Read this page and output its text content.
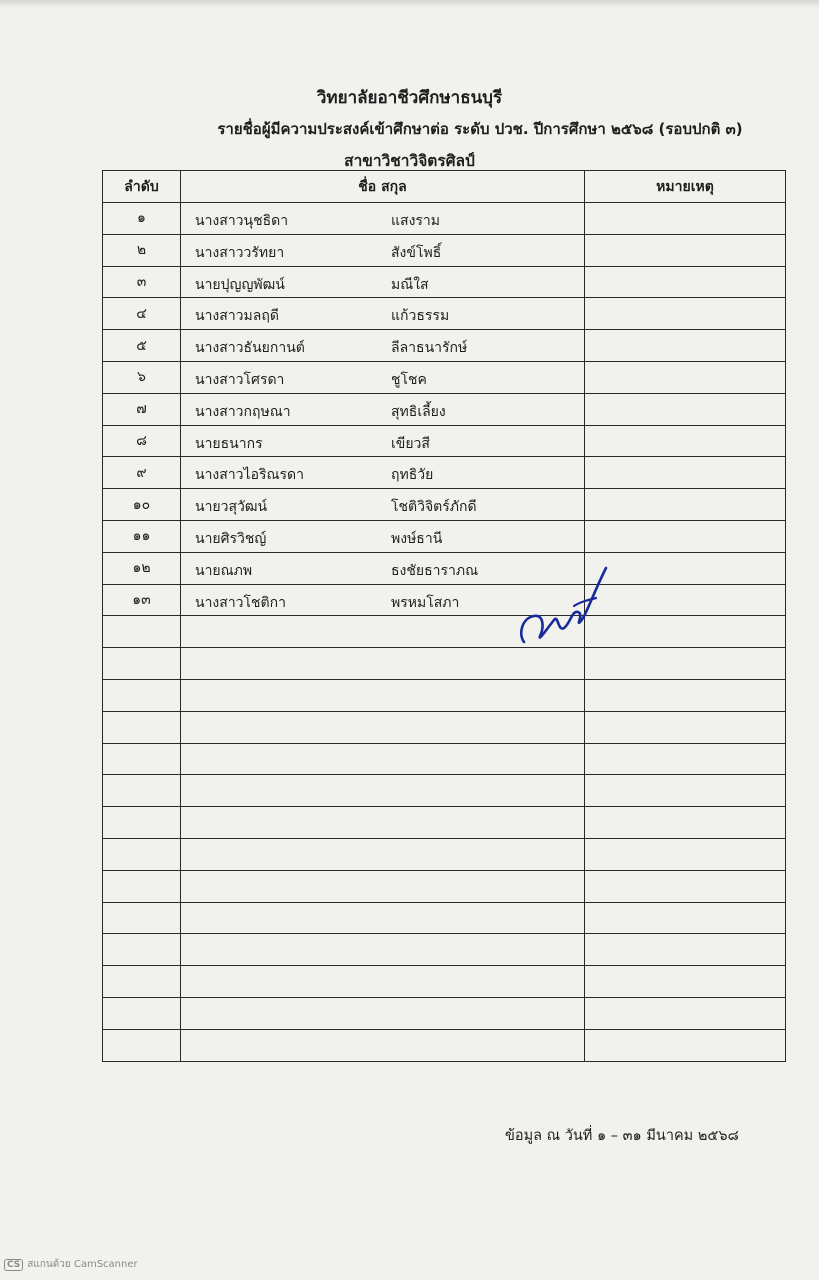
วิทยาลัยอาชีวศึกษาธนบุรี
รายชื่อผู้มีความประสงค์เข้าศึกษาต่อ ระดับ ปวช. ปีการศึกษา ๒๕๖๘ (รอบปกติ ๓)
สาขาวิชาวิจิตรศิลป์
ลำดับ	ชื่อ สกุล	หมายเหตุ
๑	นางสาวนุชธิดา แสงราม	

๒	นางสาววรัทยา สังข์โพธิ์	

๓	นายปุญญพัฒน์ มณีใส	

๔	นางสาวมลฤดี แก้วธรรม	

๕	นางสาวธันยกานต์ ลีลาธนารักษ์	

๖	นางสาวโศรดา ชูโชค	

๗	นางสาวกฤษณา สุทธิเลี้ยง	

๘	นายธนากร เขียวสี	

๙	นางสาวไอริณรดา ฤทธิวัย	

๑๐	นายวสุวัฒน์ โชติวิจิตร์ภักดี	

๑๑	นายศิรวิชญ์ พงษ์ธานี	

๑๒	นายณภพ ธงชัยธาราภณ	

๑๓	นางสาวโชติกา พรหมโสภา	

ข้อมูล ณ วันที่ ๑ – ๓๑ มีนาคม ๒๕๖๘
CS สแกนด้วย CamScanner
